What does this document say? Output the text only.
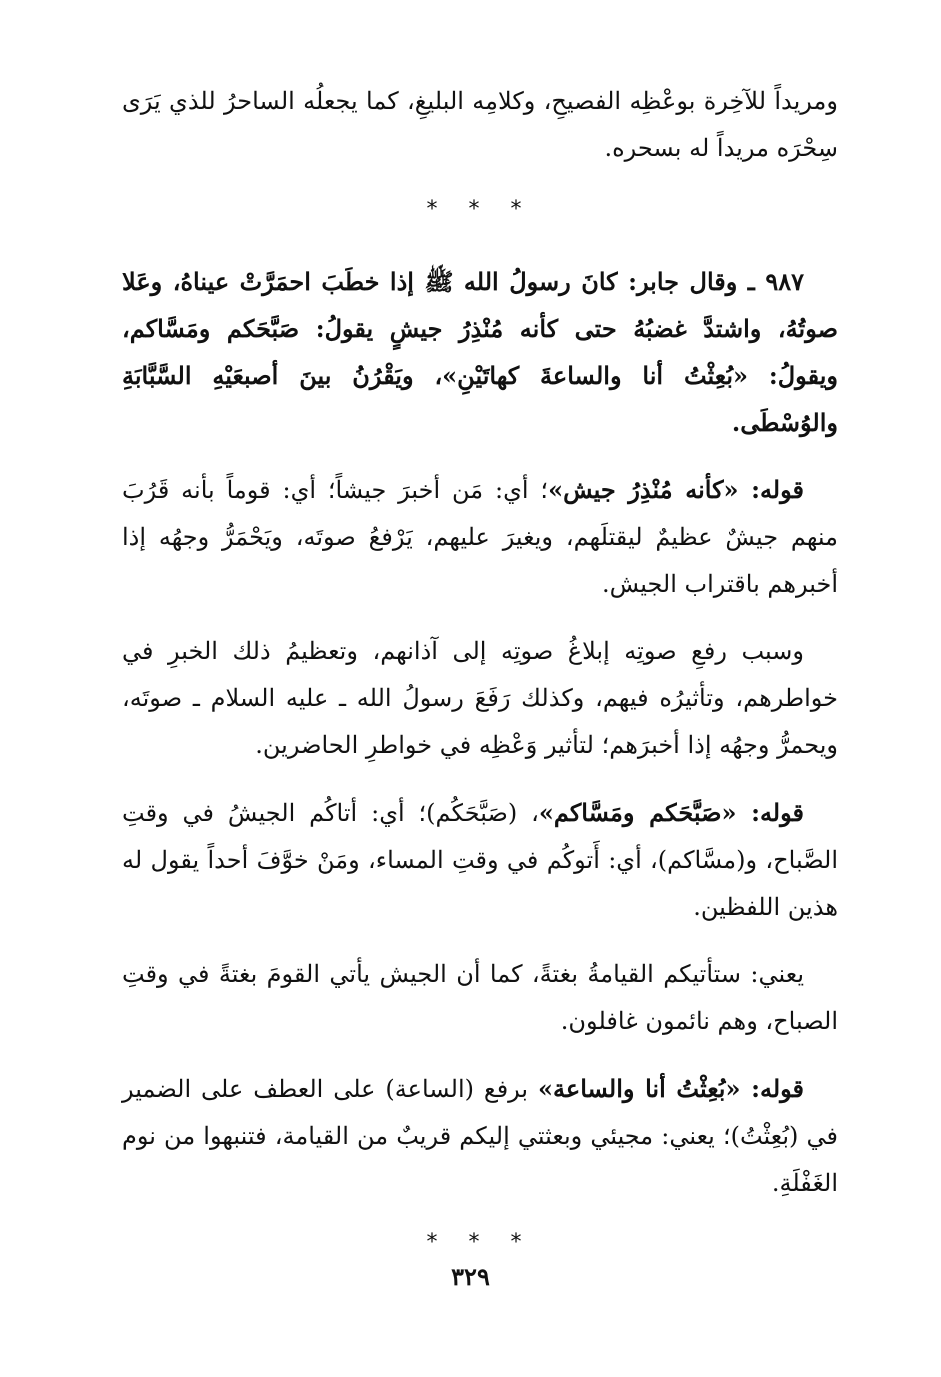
ومريداً للآخِرة بوعْظِه الفصيحِ، وكلامِه البليغِ، كما يجعلُه الساحرُ للذي يَرَى سِحْرَه مريداً له بسحره.

* * *

٩٨٧ ـ وقال جابر: كانَ رسولُ الله ﷺ إذا خطَبَ احمَرَّتْ عيناهُ، وعَلا صوتُهُ، واشتدَّ غضبُهُ حتى كأنه مُنْذِرُ جيشٍ يقولُ: صَبَّحَكم ومَسَّاكم، ويقولُ: «بُعِثْتُ أنا والساعةَ كهاتَيْنِ»، ويَقْرُنُ بينَ أصبعَيْهِ السَّبَّابَةِ والوُسْطَى.

قوله: «كأنه مُنْذِرُ جيش»؛ أي: مَن أخبرَ جيشاً؛ أي: قوماً بأنه قَرُبَ منهم جيشٌ عظيمٌ ليقتلَهم، ويغيرَ عليهم، يَرْفعُ صوتَه، ويَحْمَرُّ وجهُه إذا أخبرهم باقتراب الجيش.

وسبب رفعِ صوتِه إبلاغُ صوتِه إلى آذانهم، وتعظيمُ ذلك الخبرِ في خواطرهم، وتأثيرُه فيهم، وكذلك رَفَعَ رسولُ الله ـ عليه السلام ـ صوتَه، ويحمرُّ وجهُه إذا أخبرَهم؛ لتأثير وَعْظِه في خواطرِ الحاضرين.

قوله: «صَبَّحَكم ومَسَّاكم»، (صَبَّحَكُم)؛ أي: أتاكُم الجيشُ في وقتِ الصَّباح، و(مسَّاكم)، أي: أَتوكُم في وقتِ المساء، ومَنْ خوَّفَ أحداً يقول له هذين اللفظين.

يعني: ستأتيكم القيامةُ بغتةً، كما أن الجيش يأتي القومَ بغتةً في وقتِ الصباح، وهم نائمون غافلون.

قوله: «بُعِثْتُ أنا والساعة» برفع (الساعة) على العطف على الضمير في (بُعِثْتُ)؛ يعني: مجيئي وبعثتي إليكم قريبٌ من القيامة، فتنبهوا من نوم الغَفْلَةِ.

* * *
٣٢٩
